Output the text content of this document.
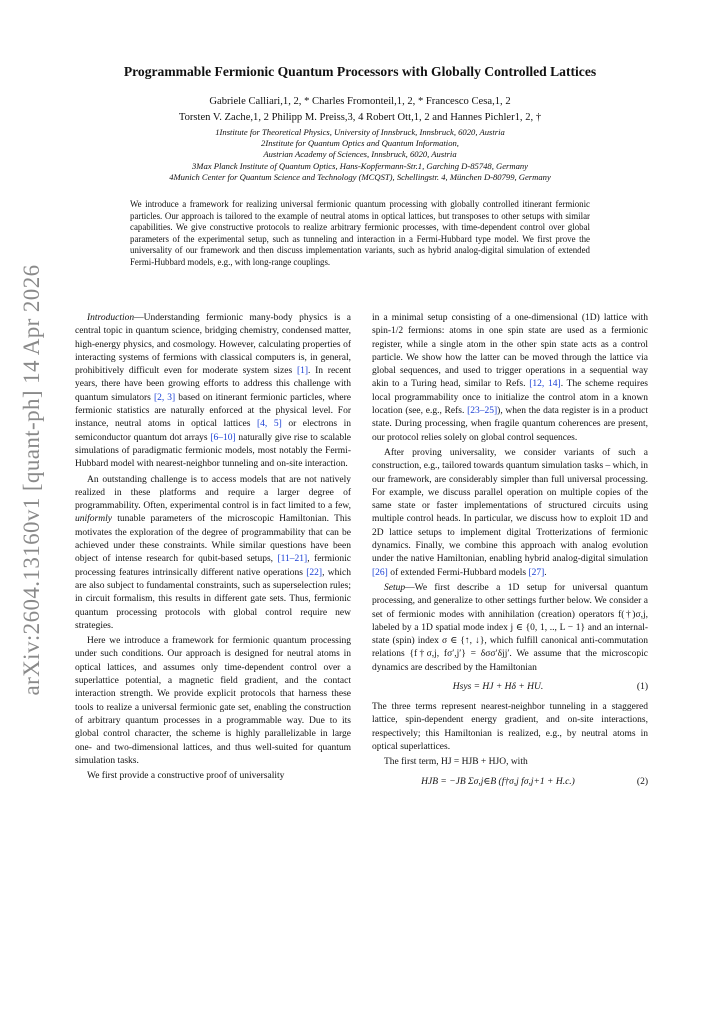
arXiv:2604.13160v1 [quant-ph] 14 Apr 2026
Programmable Fermionic Quantum Processors with Globally Controlled Lattices
Gabriele Calliari,1, 2, * Charles Fromonteil,1, 2, * Francesco Cesa,1, 2
Torsten V. Zache,1, 2 Philipp M. Preiss,3, 4 Robert Ott,1, 2 and Hannes Pichler1, 2, †
1Institute for Theoretical Physics, University of Innsbruck, Innsbruck, 6020, Austria
2Institute for Quantum Optics and Quantum Information,
Austrian Academy of Sciences, Innsbruck, 6020, Austria
3Max Planck Institute of Quantum Optics, Hans-Kopfermann-Str.1, Garching D-85748, Germany
4Munich Center for Quantum Science and Technology (MCQST), Schellingstr. 4, München D-80799, Germany
We introduce a framework for realizing universal fermionic quantum processing with globally controlled itinerant fermionic particles. Our approach is tailored to the example of neutral atoms in optical lattices, but transposes to other setups with similar capabilities. We give constructive protocols to realize arbitrary fermionic processes, with time-dependent control over global parameters of the experimental setup, such as tunneling and interaction in a Fermi-Hubbard type model. We first prove the universality of our framework and then discuss implementation variants, such as hybrid analog-digital simulation of extended Fermi-Hubbard models, e.g., with long-range couplings.

Introduction—Understanding fermionic many-body physics is a central topic in quantum science, bridging chemistry, condensed matter, high-energy physics, and cosmology. However, calculating properties of interacting systems of fermions with classical computers is, in general, prohibitively difficult even for moderate system sizes [1]. In recent years, there have been growing efforts to address this challenge with quantum simulators [2, 3] based on itinerant fermionic particles, where fermionic statistics are naturally enforced at the physical level. For instance, neutral atoms in optical lattices [4, 5] or electrons in semiconductor quantum dot arrays [6–10] naturally give rise to scalable simulations of paradigmatic fermionic models, most notably the Fermi-Hubbard model with nearest-neighbor tunneling and on-site interaction.

An outstanding challenge is to access models that are not natively realized in these platforms and require a larger degree of programmability. Often, experimental control is in fact limited to a few, uniformly tunable parameters of the microscopic Hamiltonian. This motivates the exploration of the degree of programmability that can be achieved under these constraints. While similar questions have been object of intense research for qubit-based setups, [11–21], fermionic processing features intrinsically different native operations [22], which are also subject to fundamental constraints, such as superselection rules; in circuit formalism, this results in different gate sets. Thus, fermionic quantum processing protocols with global control require new strategies.

Here we introduce a framework for fermionic quantum processing under such conditions. Our approach is designed for neutral atoms in optical lattices, and assumes only time-dependent control over a superlattice potential, a magnetic field gradient, and the contact interaction strength. We provide explicit protocols that harness these tools to realize a universal fermionic gate set, enabling the construction of arbitrary quantum processes in a programmable way. Due to its global control character, the scheme is highly parallelizable in large one- and two-dimensional lattices, and thus well-suited for quantum simulation tasks.

We first provide a constructive proof of universality

in a minimal setup consisting of a one-dimensional (1D) lattice with spin-1/2 fermions: atoms in one spin state are used as a fermionic register, while a single atom in the other spin state acts as a control particle. We show how the latter can be moved through the lattice via global sequences, and used to trigger operations in a sequential way akin to a Turing head, similar to Refs. [12, 14]. The scheme requires local programmability once to initialize the control atom in a known location (see, e.g., Refs. [23–25]), when the data register is in a product state. During processing, when fragile quantum coherences are present, our protocol relies solely on global control sequences.

After proving universality, we consider variants of such a construction, e.g., tailored towards quantum simulation tasks – which, in our framework, are considerably simpler than full universal processing. For example, we discuss parallel operation on multiple copies of the same state or faster implementations of structured circuits using multiple control heads. In particular, we discuss how to exploit 1D and 2D lattice setups to implement digital Trotterizations of fermionic dynamics. Finally, we combine this approach with analog evolution under the native Hamiltonian, enabling hybrid analog-digital simulation [26] of extended Fermi-Hubbard models [27].

Setup—We first describe a 1D setup for universal quantum processing, and generalize to other settings further below. We consider a set of fermionic modes with annihilation (creation) operators f(†)σ,j, labeled by a 1D spatial mode index j ∈ {0, 1, .., L − 1} and an internal-state (spin) index σ ∈ {↑, ↓}, which fulfill canonical anti-commutation relations {f†σ,j, fσ′,j′} = δσσ′δjj′. We assume that the microscopic dynamics are described by the Hamiltonian

Hsys = HJ + Hδ + HU.	(1)

The three terms represent nearest-neighbor tunneling in a staggered lattice, spin-dependent energy gradient, and on-site interactions, respectively; this Hamiltonian is realized, e.g., by neutral atoms in optical superlattices.

The first term, HJ = HJB + HJO, with

HJB = −JB Σσ,j∈B (f†σ,j fσ,j+1 + H.c.)	(2)
